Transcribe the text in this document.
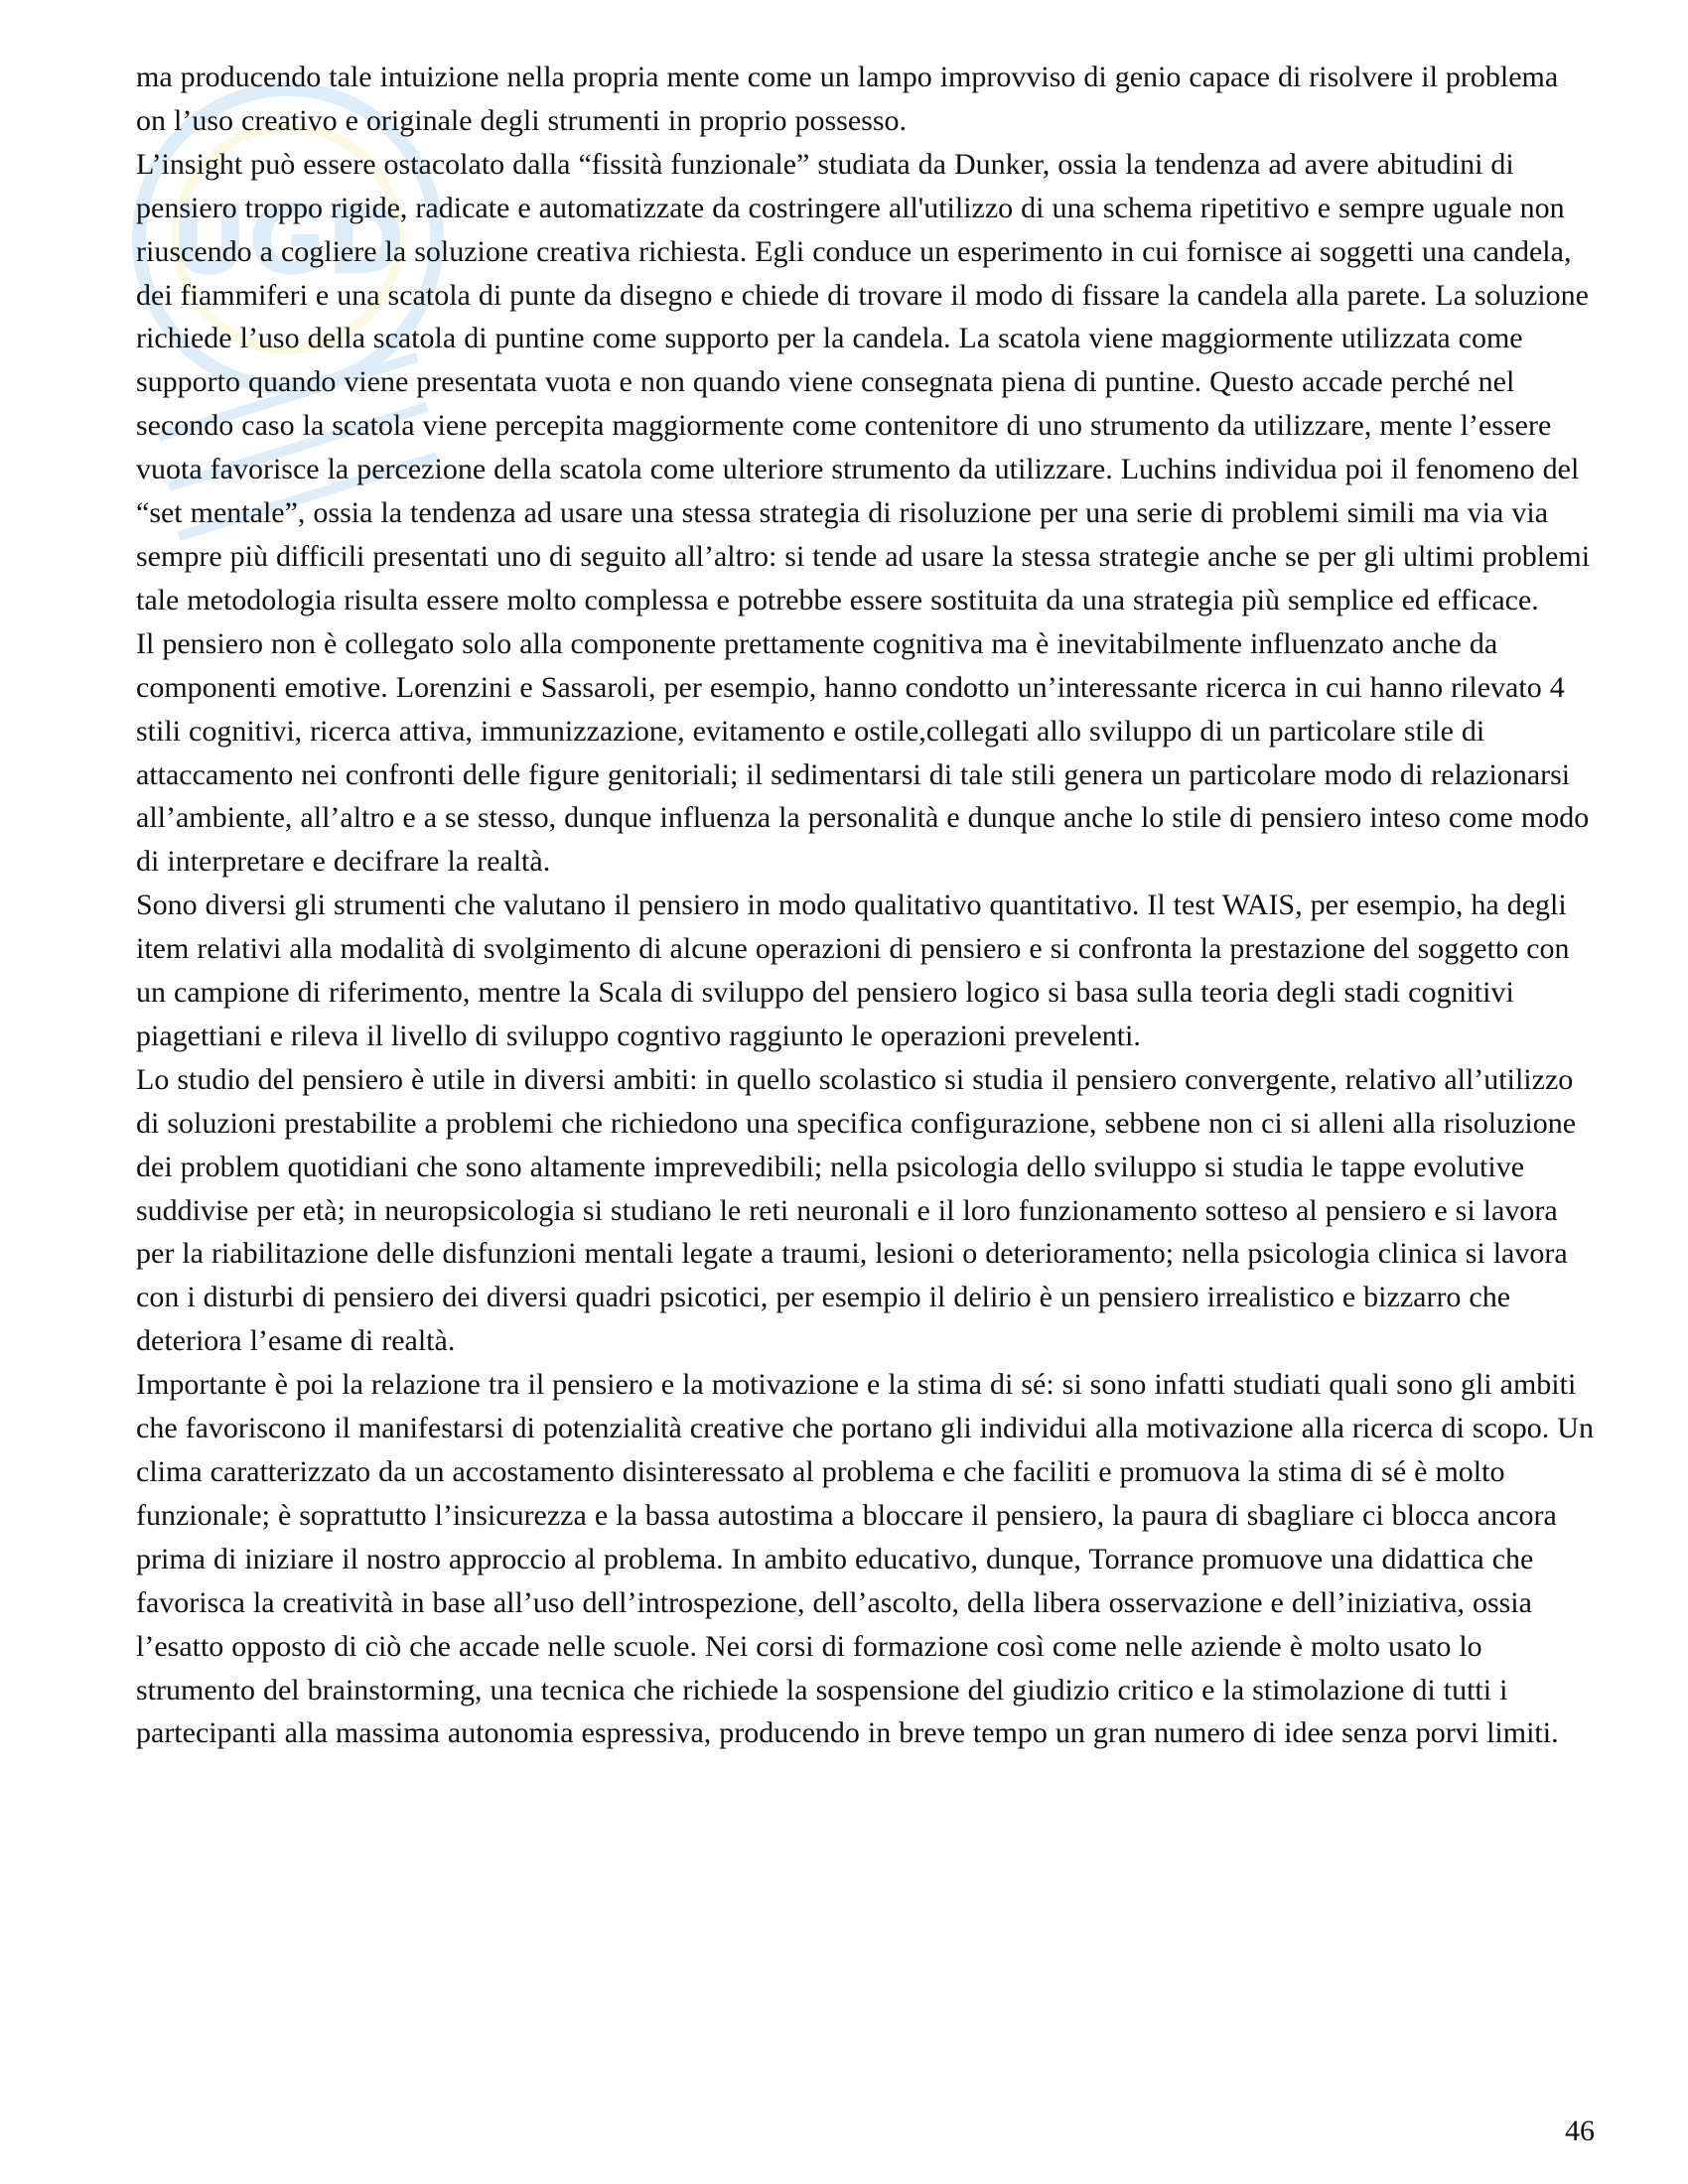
UGD

ma producendo tale intuizione nella propria mente come un lampo improvviso di genio capace di risolvere il problema on l’uso creativo e originale degli strumenti in proprio possesso.

L’insight può essere ostacolato dalla “fissità funzionale” studiata da Dunker, ossia la tendenza ad avere abitudini di pensiero troppo rigide, radicate e automatizzate da costringere all'utilizzo di una schema ripetitivo e sempre uguale non riuscendo a cogliere la soluzione creativa richiesta. Egli conduce un esperimento in cui fornisce ai soggetti una candela, dei fiammiferi e una scatola di punte da disegno e chiede di trovare il modo di fissare la candela alla parete. La soluzione richiede l’uso della scatola di puntine come supporto per la candela. La scatola viene maggiormente utilizzata come supporto quando viene presentata vuota e non quando viene consegnata piena di puntine. Questo accade perché nel secondo caso la scatola viene percepita maggiormente come contenitore di uno strumento da utilizzare, mente l’essere vuota favorisce la percezione della scatola come ulteriore strumento da utilizzare. Luchins individua poi il fenomeno del “set mentale”, ossia la tendenza ad usare una stessa strategia di risoluzione per una serie di problemi simili ma via via sempre più difficili presentati uno di seguito all’altro: si tende ad usare la stessa strategie anche se per gli ultimi problemi tale metodologia risulta essere molto complessa e potrebbe essere sostituita da una strategia più semplice ed efficace.

Il pensiero non è collegato solo alla componente prettamente cognitiva ma è inevitabilmente influenzato anche da componenti emotive. Lorenzini e Sassaroli, per esempio, hanno condotto un’interessante ricerca in cui hanno rilevato 4 stili cognitivi, ricerca attiva, immunizzazione, evitamento e ostile,collegati allo sviluppo di un particolare stile di attaccamento nei confronti delle figure genitoriali; il sedimentarsi di tale stili genera un particolare modo di relazionarsi all’ambiente, all’altro e a se stesso, dunque influenza la personalità e dunque anche lo stile di pensiero inteso come modo di interpretare e decifrare la realtà.

Sono diversi gli strumenti che valutano il pensiero in modo qualitativo quantitativo. Il test WAIS, per esempio, ha degli item relativi alla modalità di svolgimento di alcune operazioni di pensiero e si confronta la prestazione del soggetto con un campione di riferimento, mentre la Scala di sviluppo del pensiero logico si basa sulla teoria degli stadi cognitivi piagettiani e rileva il livello di sviluppo cogntivo raggiunto le operazioni prevelenti.

Lo studio del pensiero è utile in diversi ambiti: in quello scolastico si studia il pensiero convergente, relativo all’utilizzo di soluzioni prestabilite a problemi che richiedono una specifica configurazione, sebbene non ci si alleni alla risoluzione dei problem quotidiani che sono altamente imprevedibili; nella psicologia dello sviluppo si studia le tappe evolutive suddivise per età; in neuropsicologia si studiano le reti neuronali e il loro funzionamento sotteso al pensiero e si lavora per la riabilitazione delle disfunzioni mentali legate a traumi, lesioni o deterioramento; nella psicologia clinica si lavora con i disturbi di pensiero dei diversi quadri psicotici, per esempio il delirio è un pensiero irrealistico e bizzarro che deteriora l’esame di realtà.

Importante è poi la relazione tra il pensiero e la motivazione e la stima di sé: si sono infatti studiati quali sono gli ambiti che favoriscono il manifestarsi di potenzialità creative che portano gli individui alla motivazione alla ricerca di scopo. Un clima caratterizzato da un accostamento disinteressato al problema e che faciliti e promuova la stima di sé è molto funzionale; è soprattutto l’insicurezza e la bassa autostima a bloccare il pensiero, la paura di sbagliare ci blocca ancora prima di iniziare il nostro approccio al problema. In ambito educativo, dunque, Torrance promuove una didattica che favorisca la creatività in base all’uso dell’introspezione, dell’ascolto, della libera osservazione e dell’iniziativa, ossia l’esatto opposto di ciò che accade nelle scuole. Nei corsi di formazione così come nelle aziende è molto usato lo strumento del brainstorming, una tecnica che richiede la sospensione del giudizio critico e la stimolazione di tutti i partecipanti alla massima autonomia espressiva, producendo in breve tempo un gran numero di idee senza porvi limiti.

46
